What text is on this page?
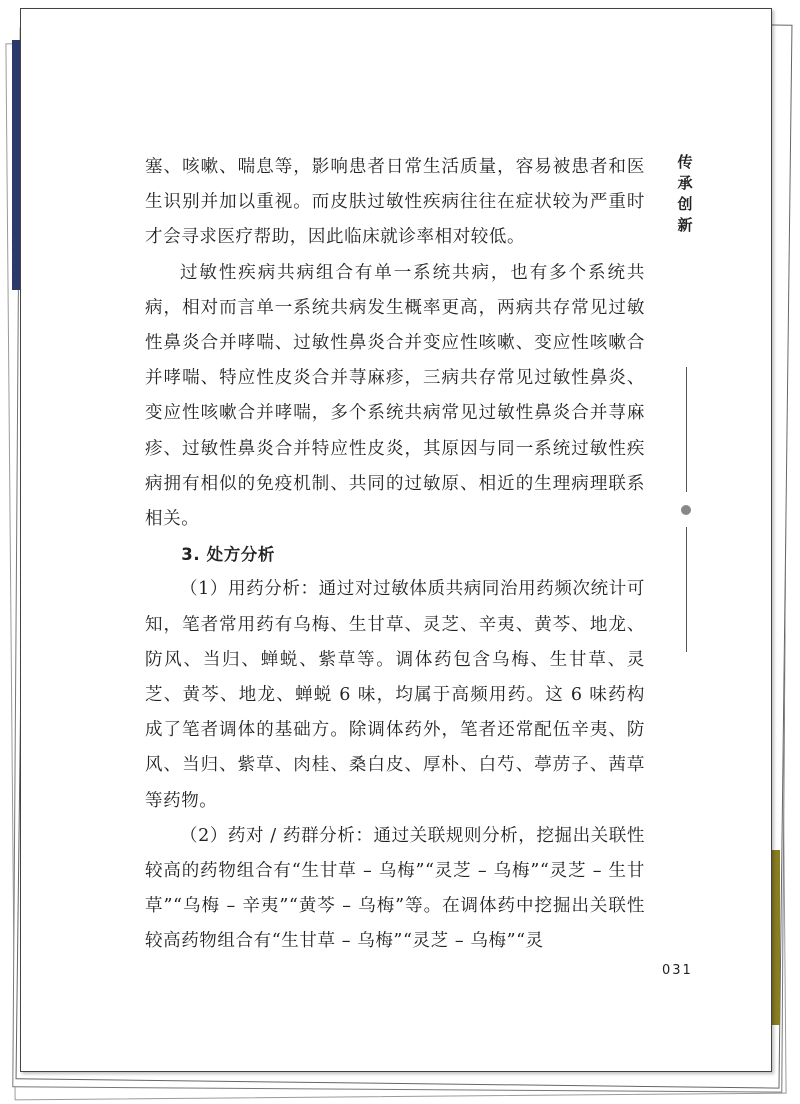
塞、咳嗽、喘息等，影响患者日常生活质量，容易被患者和医生识别并加以重视。而皮肤过敏性疾病往往在症状较为严重时才会寻求医疗帮助，因此临床就诊率相对较低。

过敏性疾病共病组合有单一系统共病，也有多个系统共病，相对而言单一系统共病发生概率更高，两病共存常见过敏性鼻炎合并哮喘、过敏性鼻炎合并变应性咳嗽、变应性咳嗽合并哮喘、特应性皮炎合并荨麻疹，三病共存常见过敏性鼻炎、变应性咳嗽合并哮喘，多个系统共病常见过敏性鼻炎合并荨麻疹、过敏性鼻炎合并特应性皮炎，其原因与同一系统过敏性疾病拥有相似的免疫机制、共同的过敏原、相近的生理病理联系相关。

3. 处方分析

（1）用药分析：通过对过敏体质共病同治用药频次统计可知，笔者常用药有乌梅、生甘草、灵芝、辛夷、黄芩、地龙、防风、当归、蝉蜕、紫草等。调体药包含乌梅、生甘草、灵芝、黄芩、地龙、蝉蜕 6 味，均属于高频用药。这 6 味药构成了笔者调体的基础方。除调体药外，笔者还常配伍辛夷、防风、当归、紫草、肉桂、桑白皮、厚朴、白芍、葶苈子、茜草等药物。

（2）药对 / 药群分析：通过关联规则分析，挖掘出关联性较高的药物组合有“生甘草 – 乌梅”“灵芝 – 乌梅”“灵芝 – 生甘草”“乌梅 – 辛夷”“黄芩 – 乌梅”等。在调体药中挖掘出关联性较高药物组合有“生甘草 – 乌梅”“灵芝 – 乌梅”“灵

传
承
创
新
031
